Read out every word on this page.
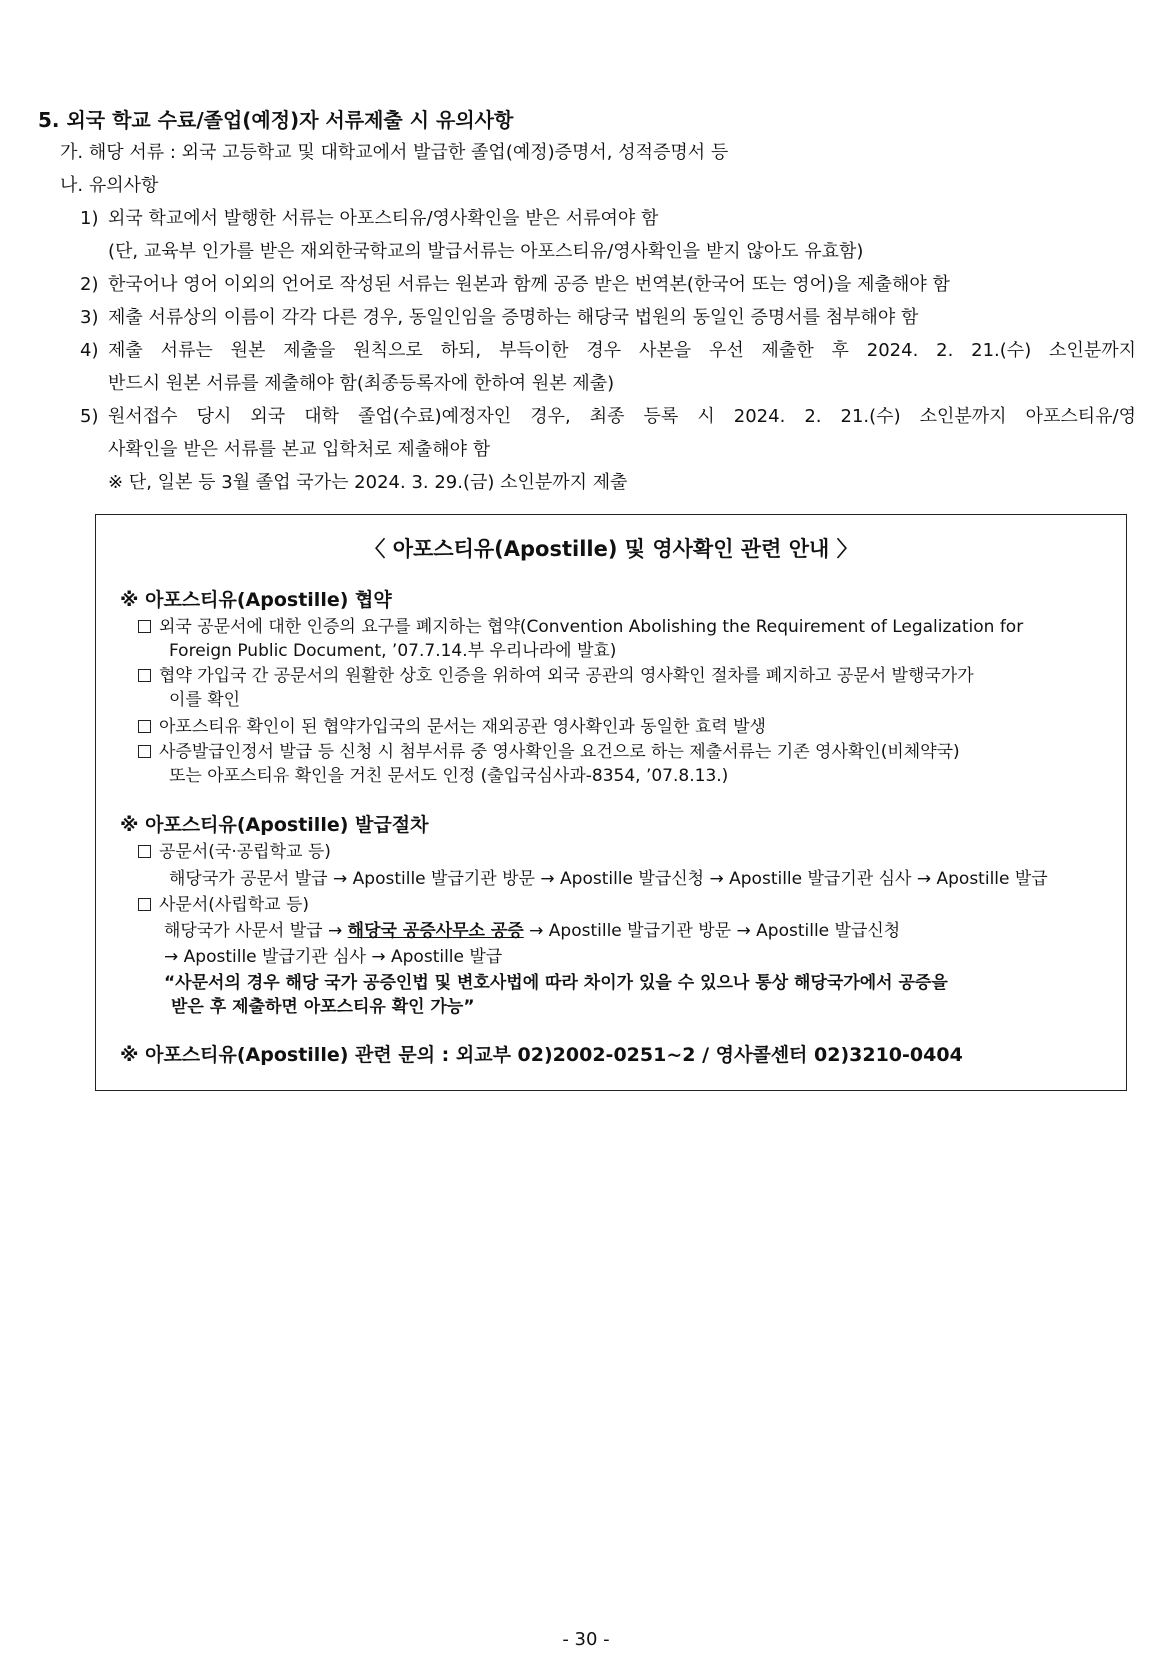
5. 외국 학교 수료/졸업(예정)자 서류제출 시 유의사항
가. 해당 서류 : 외국 고등학교 및 대학교에서 발급한 졸업(예정)증명서, 성적증명서 등
나. 유의사항
1) 외국 학교에서 발행한 서류는 아포스티유/영사확인을 받은 서류여야 함
(단, 교육부 인가를 받은 재외한국학교의 발급서류는 아포스티유/영사확인을 받지 않아도 유효함)
2) 한국어나 영어 이외의 언어로 작성된 서류는 원본과 함께 공증 받은 번역본(한국어 또는 영어)을 제출해야 함
3) 제출 서류상의 이름이 각각 다른 경우, 동일인임을 증명하는 해당국 법원의 동일인 증명서를 첨부해야 함
4) 제출 서류는 원본 제출을 원칙으로 하되, 부득이한 경우 사본을 우선 제출한 후 2024. 2. 21.(수) 소인분까지
반드시 원본 서류를 제출해야 함(최종등록자에 한하여 원본 제출)
5) 원서접수 당시 외국 대학 졸업(수료)예정자인 경우, 최종 등록 시 2024. 2. 21.(수) 소인분까지 아포스티유/영
사확인을 받은 서류를 본교 입학처로 제출해야 함
※ 단, 일본 등 3월 졸업 국가는 2024. 3. 29.(금) 소인분까지 제출
〈 아포스티유(Apostille) 및 영사확인 관련 안내 〉
※ 아포스티유(Apostille) 협약
외국 공문서에 대한 인증의 요구를 폐지하는 협약(Convention Abolishing the Requirement of Legalization for
Foreign Public Document, ’07.7.14.부 우리나라에 발효)
협약 가입국 간 공문서의 원활한 상호 인증을 위하여 외국 공관의 영사확인 절차를 폐지하고 공문서 발행국가가
이를 확인
아포스티유 확인이 된 협약가입국의 문서는 재외공관 영사확인과 동일한 효력 발생
사증발급인정서 발급 등 신청 시 첨부서류 중 영사확인을 요건으로 하는 제출서류는 기존 영사확인(비체약국)
또는 아포스티유 확인을 거친 문서도 인정 (출입국심사과-8354, ’07.8.13.)
※ 아포스티유(Apostille) 발급절차
공문서(국·공립학교 등)
해당국가 공문서 발급 → Apostille 발급기관 방문 → Apostille 발급신청 → Apostille 발급기관 심사 → Apostille 발급
사문서(사립학교 등)
해당국가 사문서 발급 → 해당국 공증사무소 공증 → Apostille 발급기관 방문 → Apostille 발급신청
→ Apostille 발급기관 심사 → Apostille 발급
“사문서의 경우 해당 국가 공증인법 및 변호사법에 따라 차이가 있을 수 있으나 통상 해당국가에서 공증을
받은 후 제출하면 아포스티유 확인 가능”
※ 아포스티유(Apostille) 관련 문의 : 외교부 02)2002-0251~2 / 영사콜센터 02)3210-0404
- 30 -
